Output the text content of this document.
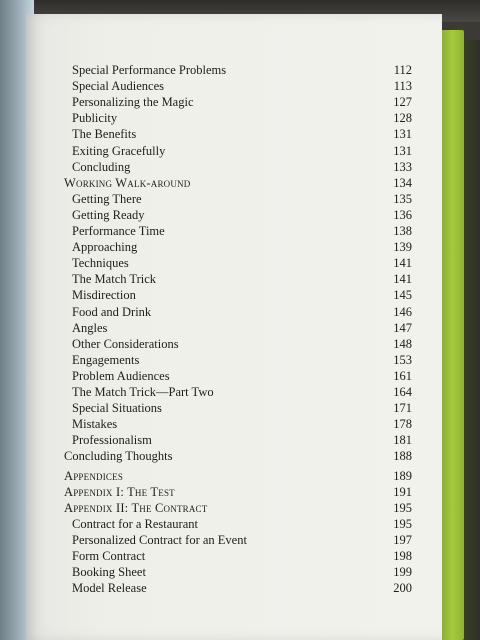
Special Performance Problems	112
Special Audiences	113
Personalizing the Magic	127
Publicity	128
The Benefits	131
Exiting Gracefully	131
Concluding	133
Working Walk-around	134
Getting There	135
Getting Ready	136
Performance Time	138
Approaching	139
Techniques	141
The Match Trick	141
Misdirection	145
Food and Drink	146
Angles	147
Other Considerations	148
Engagements	153
Problem Audiences	161
The Match Trick—Part Two	164
Special Situations	171
Mistakes	178
Professionalism	181
Concluding Thoughts	188
Appendices	189
Appendix I: The Test	191
Appendix II: The Contract	195
Contract for a Restaurant	195
Personalized Contract for an Event	197
Form Contract	198
Booking Sheet	199
Model Release	200
